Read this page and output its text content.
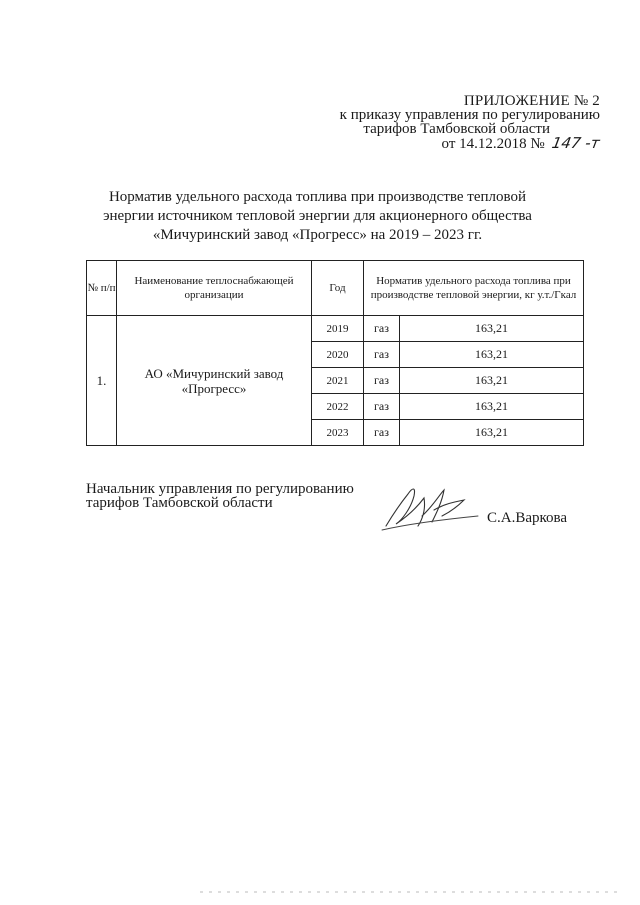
ПРИЛОЖЕНИЕ № 2
к приказу управления по регулированию
тарифов Тамбовской области
от 14.12.2018 № 147 -т
Норматив удельного расхода топлива при производстве тепловой
энергии источником тепловой энергии для акционерного общества
«Мичуринский завод «Прогресс» на 2019 – 2023 гг.
№ п/п	Наименование теплоснабжающей организации	Год	Норматив удельного расхода топлива при производстве тепловой энергии, кг у.т./Гкал	
1.	АО «Мичуринский завод «Прогресс»	2019	газ	163,21
		2020	газ	163,21
		2021	газ	163,21
		2022	газ	163,21
		2023	газ	163,21
Начальник управления по регулированию
тарифов Тамбовской области
С.А.Варкова
